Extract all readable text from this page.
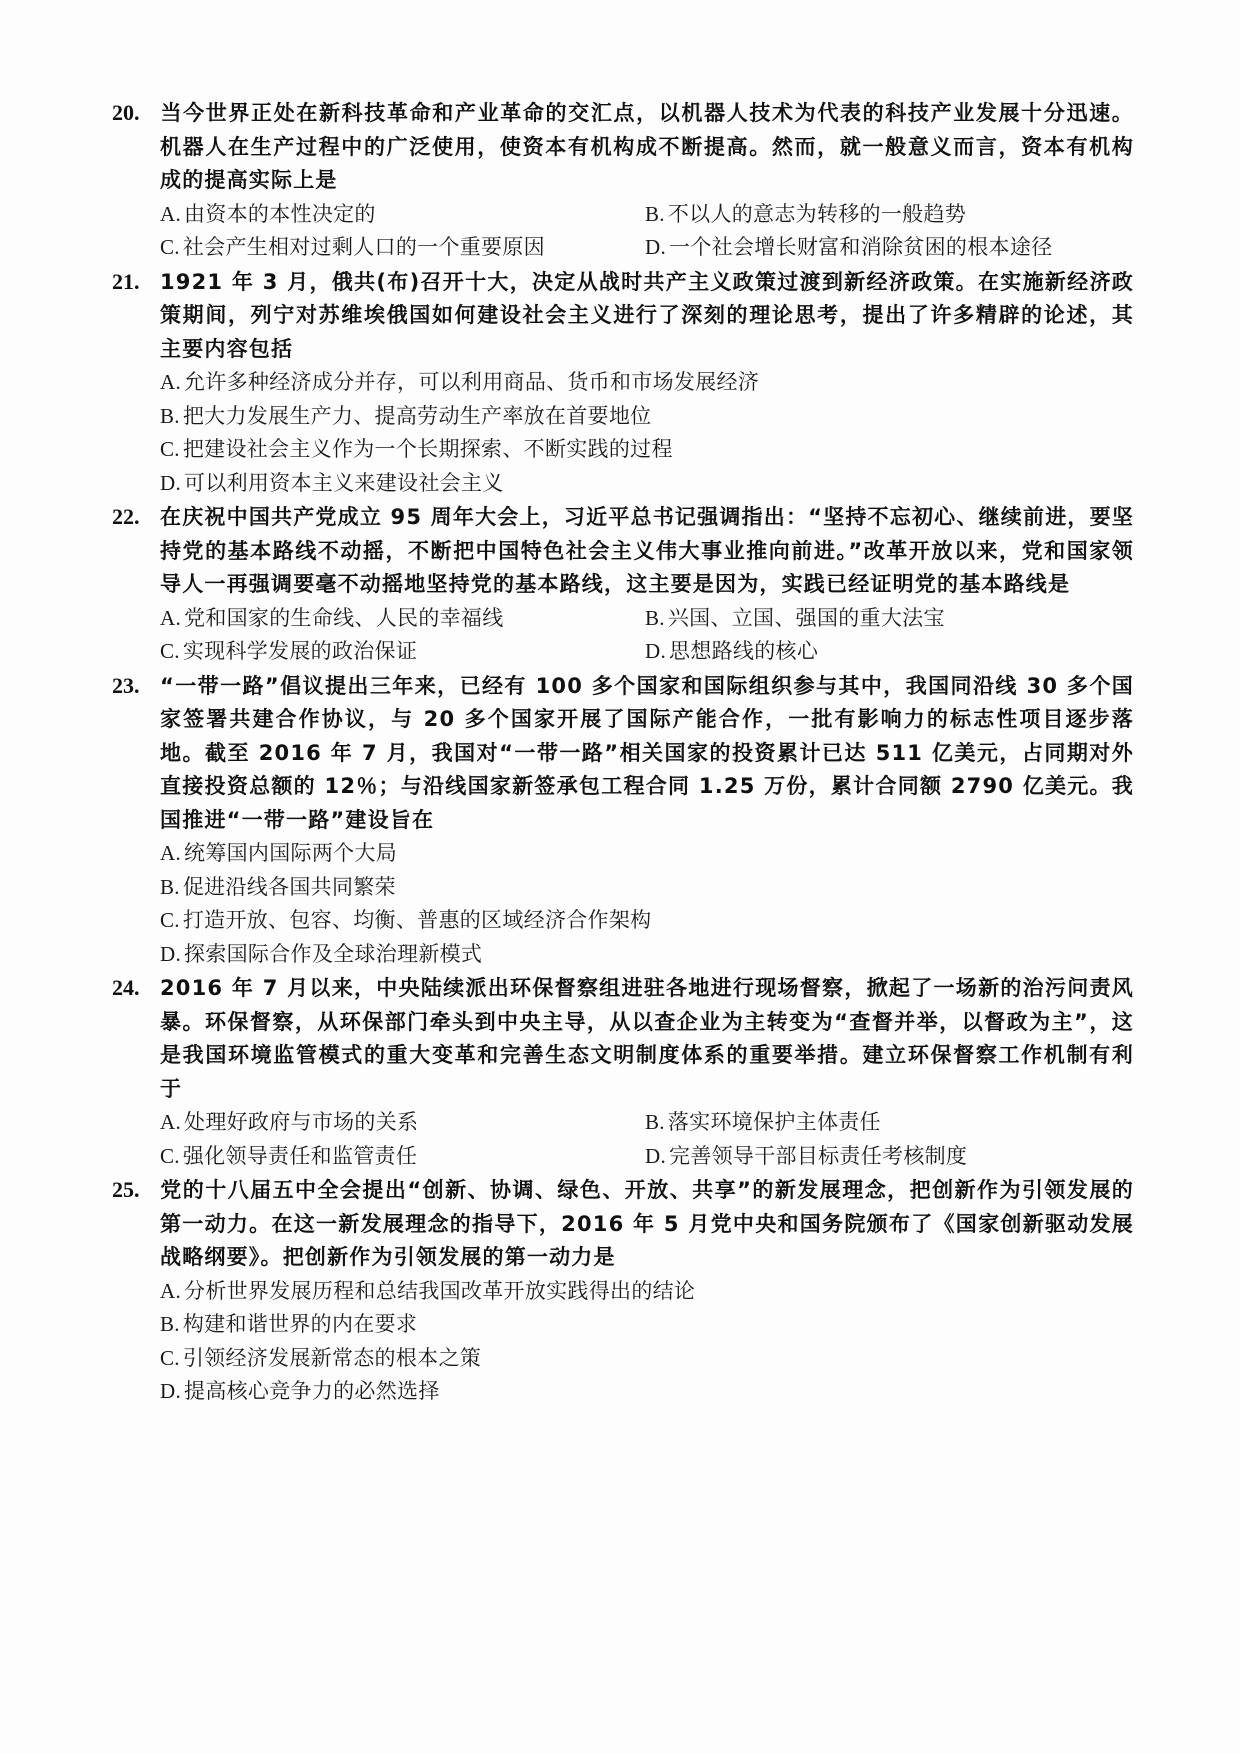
20. 当今世界正处在新科技革命和产业革命的交汇点，以机器人技术为代表的科技产业发展十分迅速。机器人在生产过程中的广泛使用，使资本有机构成不断提高。然而，就一般意义而言，资本有机构成的提高实际上是
A. 由资本的本性决定的	B. 不以人的意志为转移的一般趋势
C. 社会产生相对过剩人口的一个重要原因	D. 一个社会增长财富和消除贫困的根本途径
21. 1921 年 3 月，俄共(布)召开十大，决定从战时共产主义政策过渡到新经济政策。在实施新经济政策期间，列宁对苏维埃俄国如何建设社会主义进行了深刻的理论思考，提出了许多精辟的论述，其主要内容包括
A. 允许多种经济成分并存，可以利用商品、货币和市场发展经济
B. 把大力发展生产力、提高劳动生产率放在首要地位
C. 把建设社会主义作为一个长期探索、不断实践的过程
D. 可以利用资本主义来建设社会主义
22. 在庆祝中国共产党成立 95 周年大会上，习近平总书记强调指出：“坚持不忘初心、继续前进，要坚持党的基本路线不动摇，不断把中国特色社会主义伟大事业推向前进。”改革开放以来，党和国家领导人一再强调要毫不动摇地坚持党的基本路线，这主要是因为，实践已经证明党的基本路线是
A. 党和国家的生命线、人民的幸福线	B. 兴国、立国、强国的重大法宝
C. 实现科学发展的政治保证	D. 思想路线的核心
23. “一带一路”倡议提出三年来，已经有 100 多个国家和国际组织参与其中，我国同沿线 30 多个国家签署共建合作协议，与 20 多个国家开展了国际产能合作，一批有影响力的标志性项目逐步落地。截至 2016 年 7 月，我国对“一带一路”相关国家的投资累计已达 511 亿美元，占同期对外直接投资总额的 12％；与沿线国家新签承包工程合同 1.25 万份，累计合同额 2790 亿美元。我国推进“一带一路”建设旨在
A. 统筹国内国际两个大局
B. 促进沿线各国共同繁荣
C. 打造开放、包容、均衡、普惠的区域经济合作架构
D. 探索国际合作及全球治理新模式
24. 2016 年 7 月以来，中央陆续派出环保督察组进驻各地进行现场督察，掀起了一场新的治污问责风暴。环保督察，从环保部门牵头到中央主导，从以查企业为主转变为“查督并举，以督政为主”，这是我国环境监管模式的重大变革和完善生态文明制度体系的重要举措。建立环保督察工作机制有利于
A. 处理好政府与市场的关系	B. 落实环境保护主体责任
C. 强化领导责任和监管责任	D. 完善领导干部目标责任考核制度
25. 党的十八届五中全会提出“创新、协调、绿色、开放、共享”的新发展理念，把创新作为引领发展的第一动力。在这一新发展理念的指导下，2016 年 5 月党中央和国务院颁布了《国家创新驱动发展战略纲要》。把创新作为引领发展的第一动力是
A. 分析世界发展历程和总结我国改革开放实践得出的结论
B. 构建和谐世界的内在要求
C. 引领经济发展新常态的根本之策
D. 提高核心竞争力的必然选择
